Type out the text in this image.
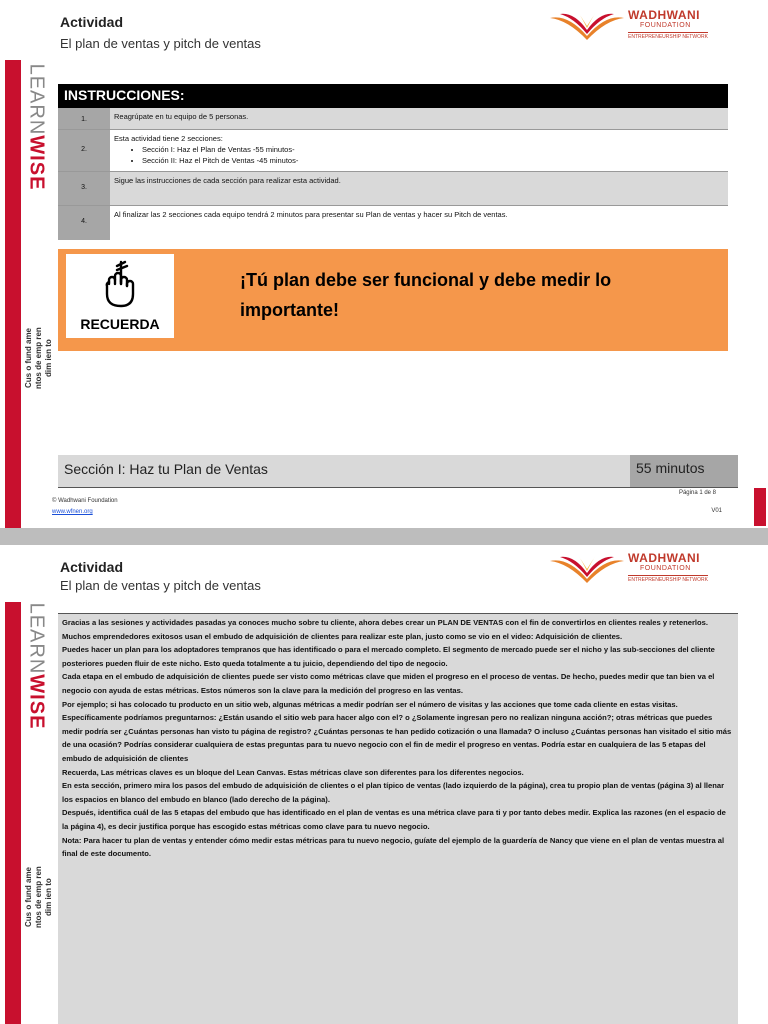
Actividad
El plan de ventas y pitch de ventas
WADHWANI
FOUNDATION
ENTREPRENEURSHIP NETWORK
LEARNWISE
Cus o fund ame ntos de emp ren dim ien to
INSTRUCCIONES:
1.	Reagrúpate en tu equipo de 5 personas.
2.
Esta actividad tiene 2 secciones:
• Sección I: Haz el Plan de Ventas -55 minutos-
• Sección II: Haz el Pitch de Ventas -45 minutos-
3.
Sigue las instrucciones de cada sección para realizar esta actividad.
4.
Al finalizar las 2 secciones cada equipo tendrá 2 minutos para presentar su Plan de ventas y hacer su Pitch de ventas.
RECUERDA
¡Tú plan debe ser funcional y debe medir lo importante!
Sección I: Haz tu Plan de Ventas	55 minutos
© Wadhwani Foundation
www.wfnen.org
Página 1 de 8
V01
Actividad
El plan de ventas y pitch de ventas
WADHWANI
FOUNDATION
ENTREPRENEURSHIP NETWORK
LEARNWISE
Cus o fund ame ntos de emp ren dim ien to

Gracias a las sesiones y actividades pasadas ya conoces mucho sobre tu cliente, ahora debes crear un PLAN DE VENTAS con el fin de convertirlos en clientes reales y retenerlos. Muchos emprendedores exitosos usan el embudo de adquisición de clientes para realizar este plan, justo como se vio en el video: Adquisición de clientes.

Puedes hacer un plan para los adoptadores tempranos que has identificado o para el mercado completo. El segmento de mercado puede ser el nicho y las sub-secciones del cliente posteriores pueden fluir de este nicho. Esto queda totalmente a tu juicio, dependiendo del tipo de negocio.

Cada etapa en el embudo de adquisición de clientes puede ser visto como métricas clave que miden el progreso en el proceso de ventas. De hecho, puedes medir que tan bien va el negocio con ayuda de estas métricas. Estos números son la clave para la medición del progreso en las ventas.

Por ejemplo; si has colocado tu producto en un sitio web, algunas métricas a medir podrían ser el número de visitas y las acciones que tome cada cliente en estas visitas. Específicamente podríamos preguntarnos: ¿Están usando el sitio web para hacer algo con el? o ¿Solamente ingresan pero no realizan ninguna acción?; otras métricas que puedes medir podría ser ¿Cuántas personas han visto tu página de registro? ¿Cuántas personas te han pedido cotización o una llamada? O incluso ¿Cuántas personas han visitado el sitio más de una ocasión? Podrías considerar cualquiera de estas preguntas para tu nuevo negocio con el fin de medir el progreso en ventas. Podría estar en cualquiera de las 5 etapas del embudo de adquisición de clientes

Recuerda, Las métricas claves es un bloque del Lean Canvas. Estas métricas clave son diferentes para los diferentes negocios.

En esta sección, primero mira los pasos del embudo de adquisición de clientes o el plan típico de ventas (lado izquierdo de la página), crea tu propio plan de ventas (página 3) al llenar los espacios en blanco del embudo en blanco (lado derecho de la página).

Después, identifica cuál de las 5 etapas del embudo que has identificado en el plan de ventas es una métrica clave para ti y por tanto debes medir. Explica las razones (en el espacio de la página 4), es decir justifica porque has escogido estas métricas como clave para tu nuevo negocio.

Nota: Para hacer tu plan de ventas y entender cómo medir estas métricas para tu nuevo negocio, guíate del ejemplo de la guardería de Nancy que viene en el plan de ventas muestra al final de este documento.
